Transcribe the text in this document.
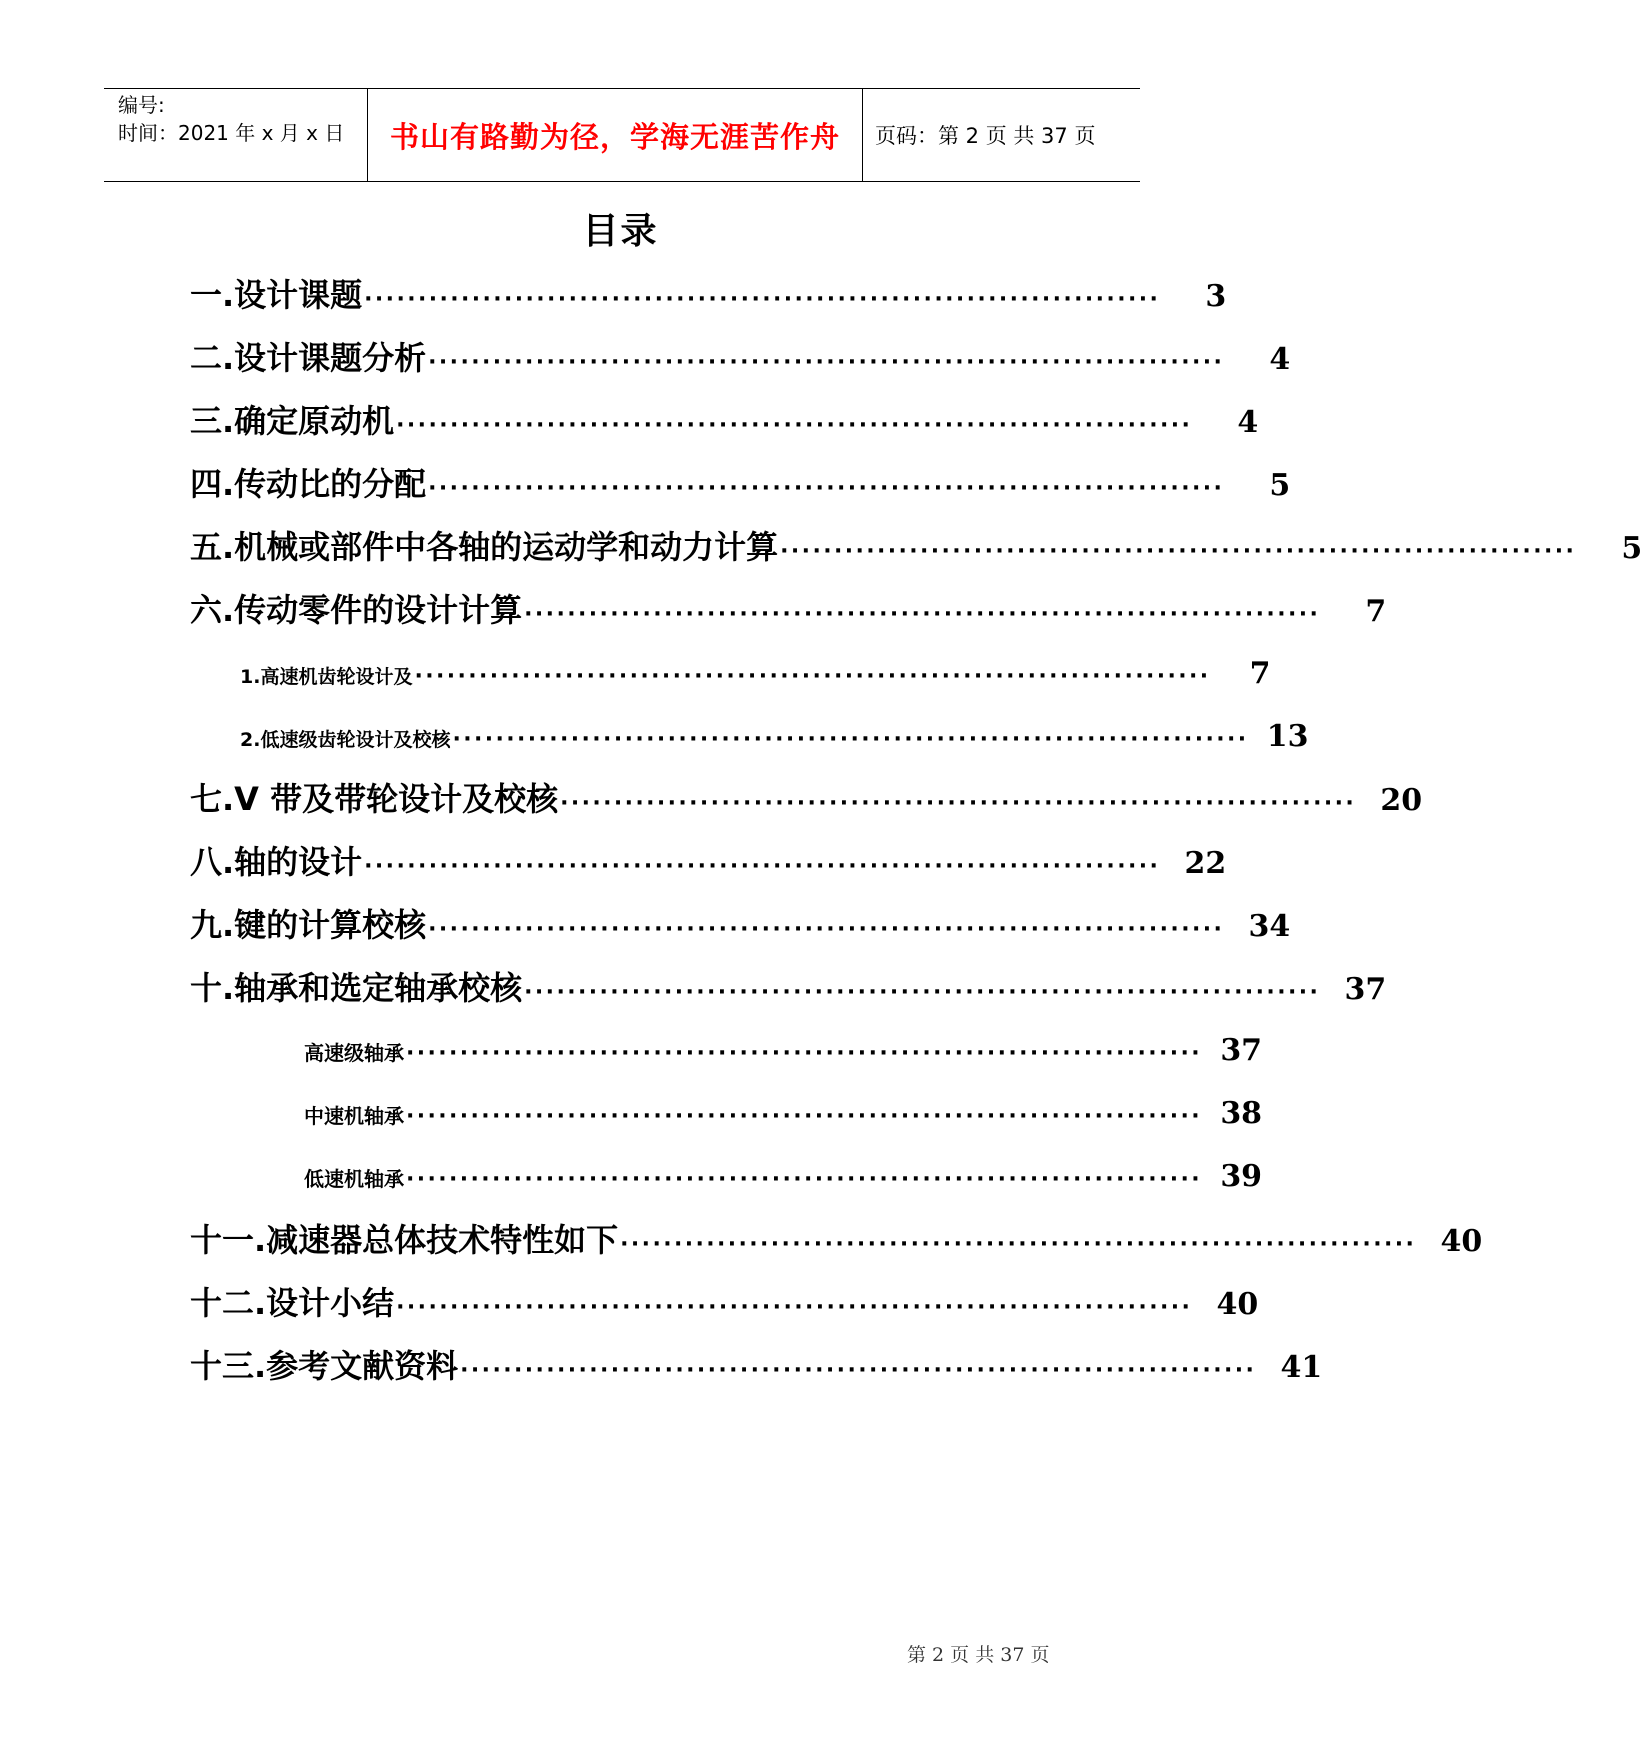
编号:
时间：2021 年 x 月 x 日	书山有路勤为径，学海无涯苦作舟	页码：第 2 页 共 37 页
目录
一.设计课题 ··········································································	3
二.设计课题分析 ··········································································	4
三.确定原动机 ··········································································	4
四.传动比的分配 ··········································································	5
五.机械或部件中各轴的运动学和动力计算 ··········································································	5
六.传动零件的设计计算 ··········································································	7
1.高速机齿轮设计及 ··········································································	7
2.低速级齿轮设计及校核 ·········································································· 13
七.V 带及带轮设计及校核 ·········································································· 20
八.轴的设计 ·········································································· 22
九.键的计算校核 ·········································································· 34
十.轴承和选定轴承校核 ·········································································· 37
高速级轴承 ·········································································· 37
中速机轴承 ·········································································· 38
低速机轴承 ·········································································· 39
十一.减速器总体技术特性如下 ·········································································· 40
十二.设计小结 ·········································································· 40
十三.参考文献资料 ·········································································· 41
第 2 页 共 37 页
